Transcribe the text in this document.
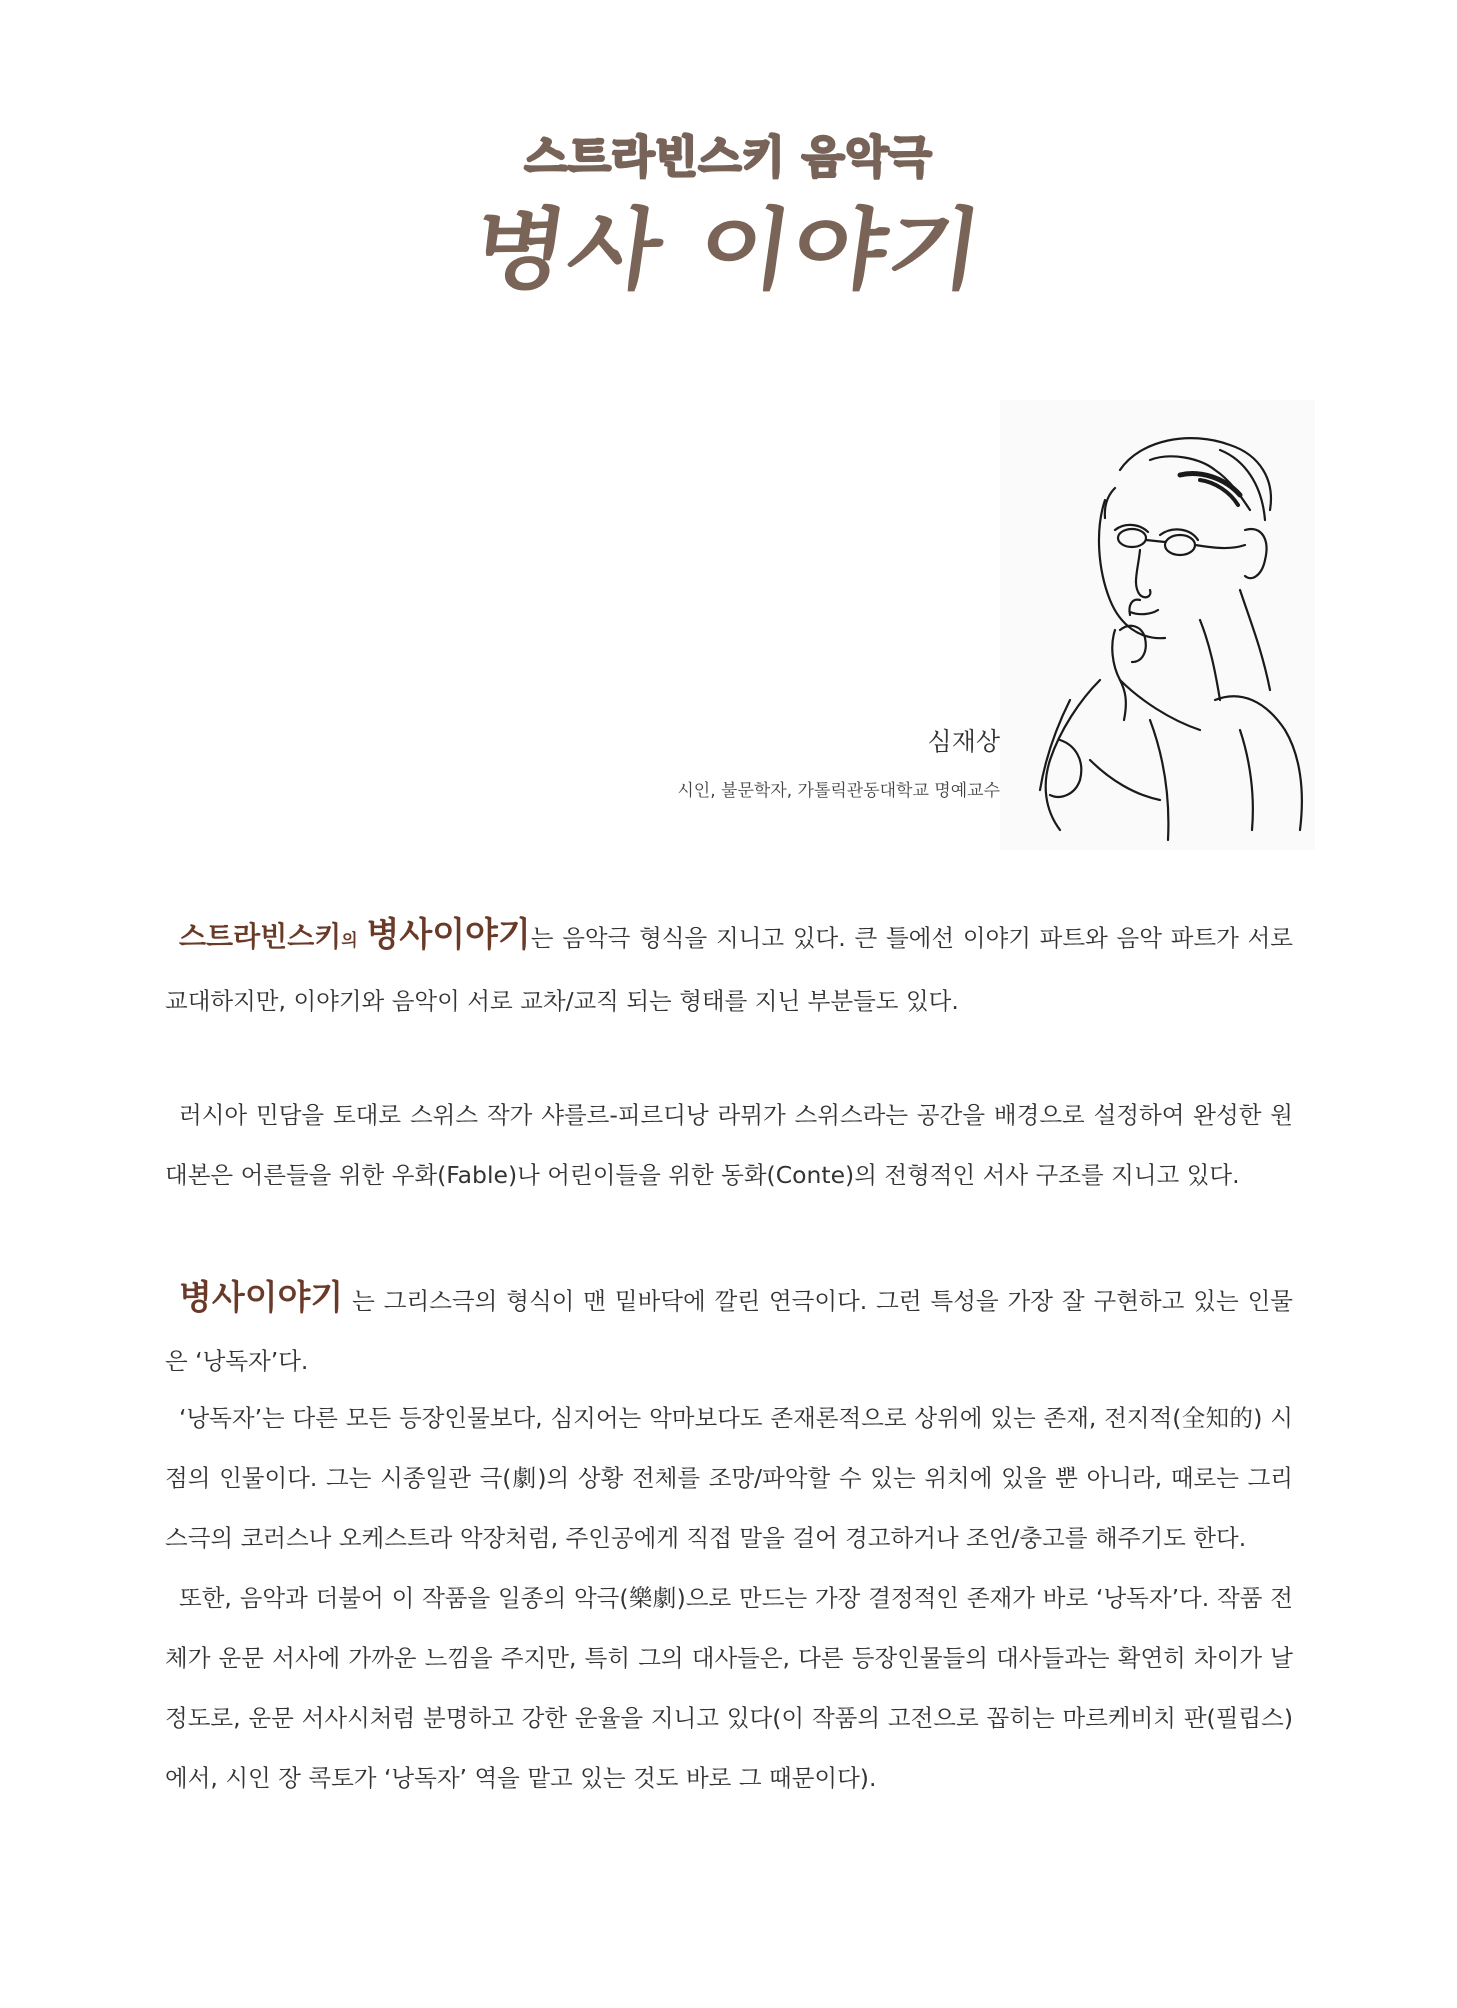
스트라빈스키 음악극
병사 이야기
심재상
시인, 불문학자, 가톨릭관동대학교 명예교수
스트라빈스키의 병사이야기는 음악극 형식을 지니고 있다. 큰 틀에선 이야기 파트와 음악 파트가 서로 교대하지만, 이야기와 음악이 서로 교차/교직 되는 형태를 지닌 부분들도 있다.
러시아 민담을 토대로 스위스 작가 샤를르-피르디낭 라뮈가 스위스라는 공간을 배경으로 설정하여 완성한 원 대본은 어른들을 위한 우화(Fable)나 어린이들을 위한 동화(Conte)의 전형적인 서사 구조를 지니고 있다.
병사이야기 는 그리스극의 형식이 맨 밑바닥에 깔린 연극이다. 그런 특성을 가장 잘 구현하고 있는 인물은 ‘낭독자’다.
‘낭독자’는 다른 모든 등장인물보다, 심지어는 악마보다도 존재론적으로 상위에 있는 존재, 전지적(全知的) 시점의 인물이다. 그는 시종일관 극(劇)의 상황 전체를 조망/파악할 수 있는 위치에 있을 뿐 아니라, 때로는 그리스극의 코러스나 오케스트라 악장처럼, 주인공에게 직접 말을 걸어 경고하거나 조언/충고를 해주기도 한다.
또한, 음악과 더불어 이 작품을 일종의 악극(樂劇)으로 만드는 가장 결정적인 존재가 바로 ‘낭독자’다. 작품 전체가 운문 서사에 가까운 느낌을 주지만, 특히 그의 대사들은, 다른 등장인물들의 대사들과는 확연히 차이가 날 정도로, 운문 서사시처럼 분명하고 강한 운율을 지니고 있다(이 작품의 고전으로 꼽히는 마르케비치 판(필립스)에서, 시인 장 콕토가 ‘낭독자’ 역을 맡고 있는 것도 바로 그 때문이다).
